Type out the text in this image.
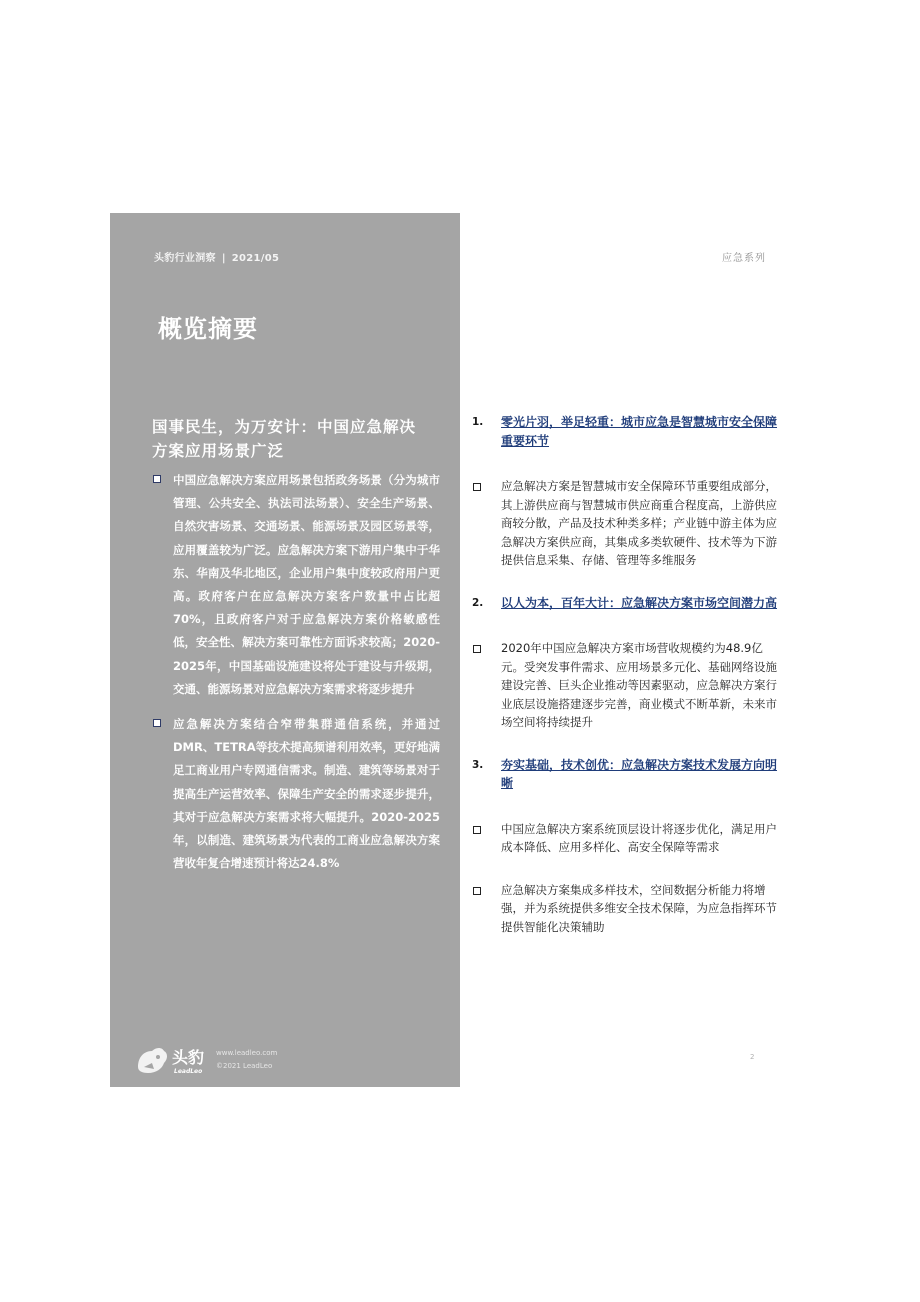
头豹行业洞察 | 2021/05
概览摘要
国事民生，为万安计：中国应急解决方案应用场景广泛
中国应急解决方案应用场景包括政务场景（分为城市管理、公共安全、执法司法场景）、安全生产场景、自然灾害场景、交通场景、能源场景及园区场景等，应用覆盖较为广泛。应急解决方案下游用户集中于华东、华南及华北地区，企业用户集中度较政府用户更高。政府客户在应急解决方案客户数量中占比超70%，且政府客户对于应急解决方案价格敏感性低，安全性、解决方案可靠性方面诉求较高；2020-2025年，中国基础设施建设将处于建设与升级期，交通、能源场景对应急解决方案需求将逐步提升
应急解决方案结合窄带集群通信系统，并通过DMR、TETRA等技术提高频谱利用效率，更好地满足工商业用户专网通信需求。制造、建筑等场景对于提高生产运营效率、保障生产安全的需求逐步提升，其对于应急解决方案需求将大幅提升。2020-2025年，以制造、建筑场景为代表的工商业应急解决方案营收年复合增速预计将达24.8%
头豹
LeadLeo
www.leadleo.com
©2021 LeadLeo
应急系列
1. 零光片羽，举足轻重：城市应急是智慧城市安全保障重要环节
应急解决方案是智慧城市安全保障环节重要组成部分，其上游供应商与智慧城市供应商重合程度高，上游供应商较分散，产品及技术种类多样；产业链中游主体为应急解决方案供应商，其集成多类软硬件、技术等为下游提供信息采集、存储、管理等多维服务
2. 以人为本，百年大计：应急解决方案市场空间潜力高
2020年中国应急解决方案市场营收规模约为48.9亿元。受突发事件需求、应用场景多元化、基础网络设施建设完善、巨头企业推动等因素驱动，应急解决方案行业底层设施搭建逐步完善，商业模式不断革新，未来市场空间将持续提升
3. 夯实基础，技术创优：应急解决方案技术发展方向明晰
中国应急解决方案系统顶层设计将逐步优化，满足用户成本降低、应用多样化、高安全保障等需求
应急解决方案集成多样技术，空间数据分析能力将增强，并为系统提供多维安全技术保障，为应急指挥环节提供智能化决策辅助
2
